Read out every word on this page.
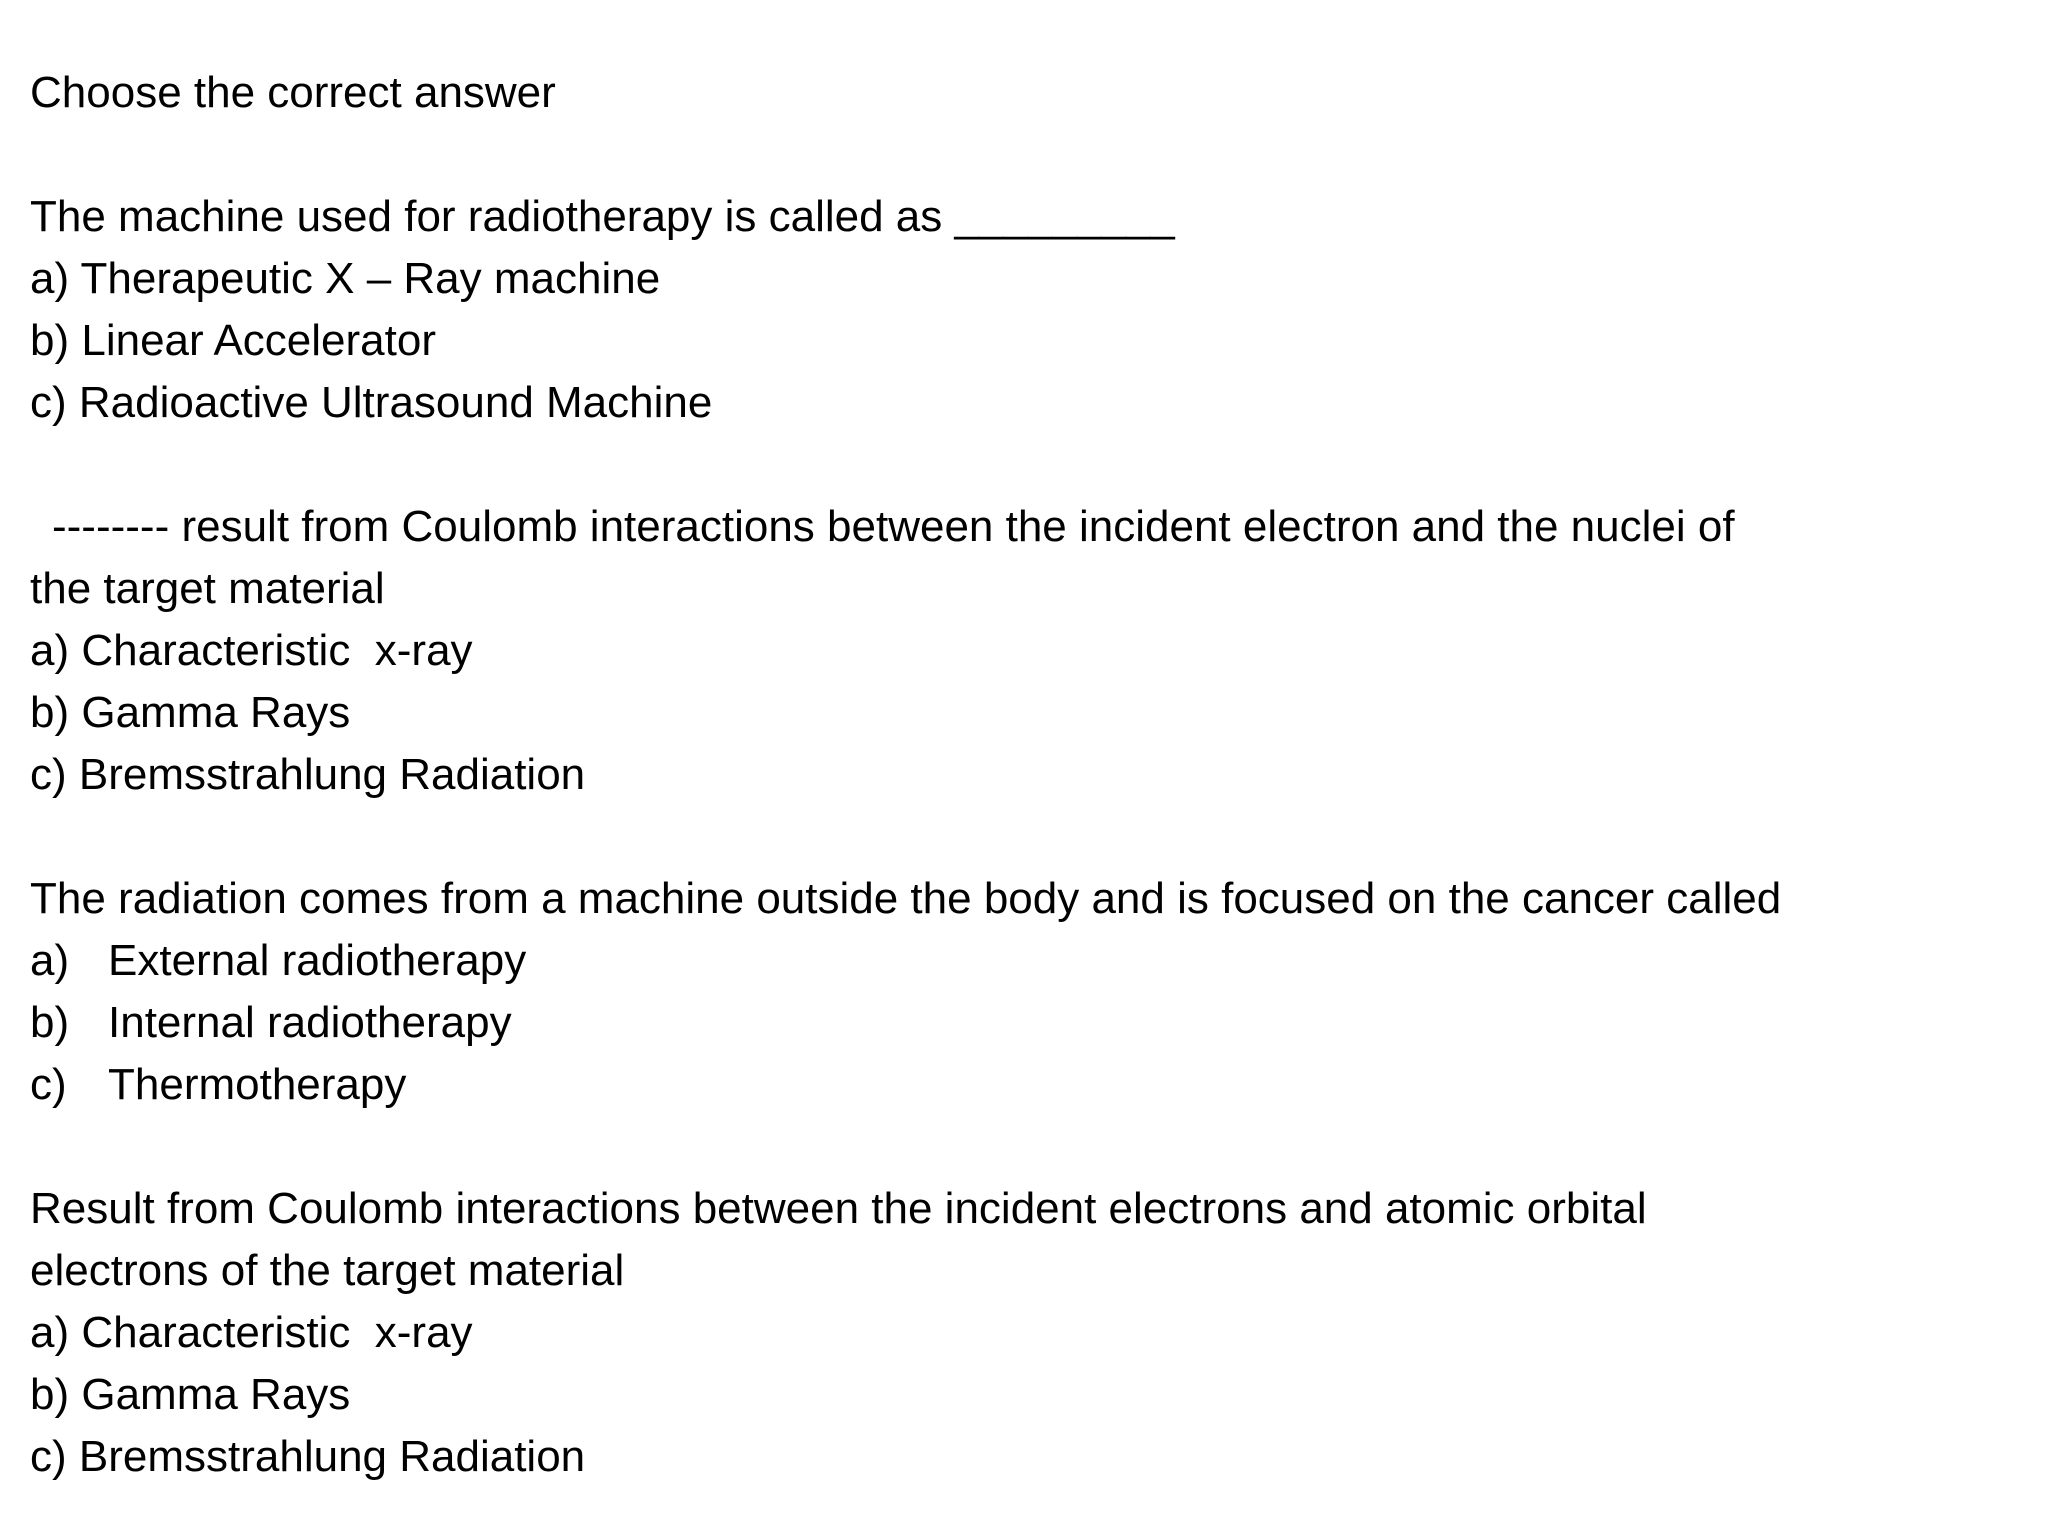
Choose the correct answer
The machine used for radiotherapy is called as _________
a) Therapeutic X – Ray machine
b) Linear Accelerator
c) Radioactive Ultrasound Machine
-------- result from Coulomb interactions between the incident electron and the nuclei of
the target material
a) Characteristic  x-ray
b) Gamma Rays
c) Bremsstrahlung Radiation
The radiation comes from a machine outside the body and is focused on the cancer called
a) External radiotherapy
b) Internal radiotherapy
c) Thermotherapy
Result from Coulomb interactions between the incident electrons and atomic orbital
electrons of the target material
a) Characteristic  x-ray
b) Gamma Rays
c) Bremsstrahlung Radiation
